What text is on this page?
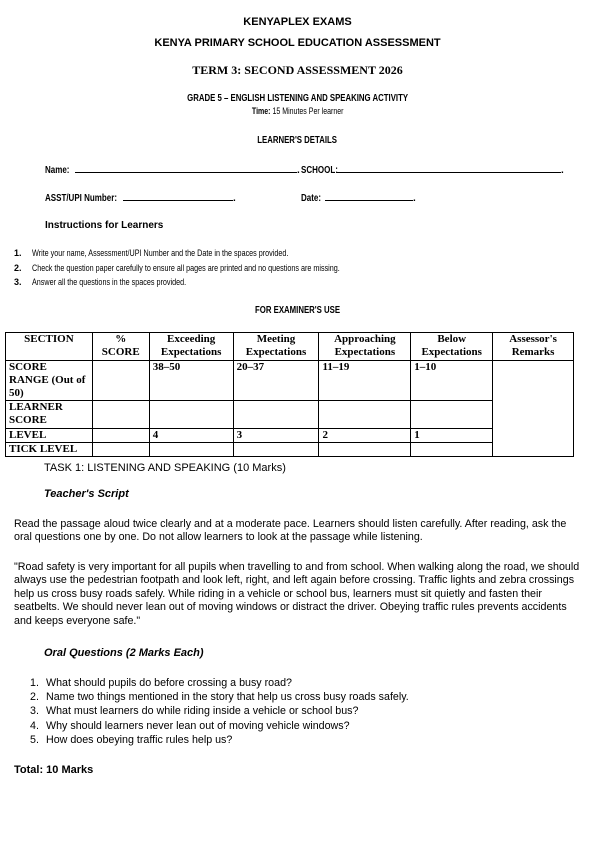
KENYAPLEX EXAMS
KENYA PRIMARY SCHOOL EDUCATION ASSESSMENT
TERM 3: SECOND ASSESSMENT 2026
GRADE 5 – ENGLISH LISTENING AND SPEAKING ACTIVITY
Time: 15 Minutes Per learner
LEARNER'S DETAILS
Name:	. SCHOOL:	.
ASST/UPI Number:	.	Date:	.
Instructions for Learners
1. Write your name, Assessment/UPI Number and the Date in the spaces provided.
2. Check the question paper carefully to ensure all pages are printed and no questions are missing.
3. Answer all the questions in the spaces provided.
FOR EXAMINER'S USE
SECTION	% SCORE	Exceeding Expectations	Meeting Expectations	Approaching Expectations	Below Expectations	Assessor's Remarks
SCORE RANGE (Out of 50)		38–50	20–37	11–19	1–10	
LEARNER SCORE						
LEVEL		4	3	2	1	
TICK LEVEL						
TASK 1: LISTENING AND SPEAKING (10 Marks)
Teacher's Script

Read the passage aloud twice clearly and at a moderate pace. Learners should listen carefully. After reading, ask the oral questions one by one. Do not allow learners to look at the passage while listening.

"Road safety is very important for all pupils when travelling to and from school. When walking along the road, we should always use the pedestrian footpath and look left, right, and left again before crossing. Traffic lights and zebra crossings help us cross busy roads safely. While riding in a vehicle or school bus, learners must sit quietly and fasten their seatbelts. We should never lean out of moving windows or distract the driver. Obeying traffic rules prevents accidents and keeps everyone safe."

Oral Questions (2 Marks Each)
1. What should pupils do before crossing a busy road?
2. Name two things mentioned in the story that help us cross busy roads safely.
3. What must learners do while riding inside a vehicle or school bus?
4. Why should learners never lean out of moving vehicle windows?
5. How does obeying traffic rules help us?
Total: 10 Marks
